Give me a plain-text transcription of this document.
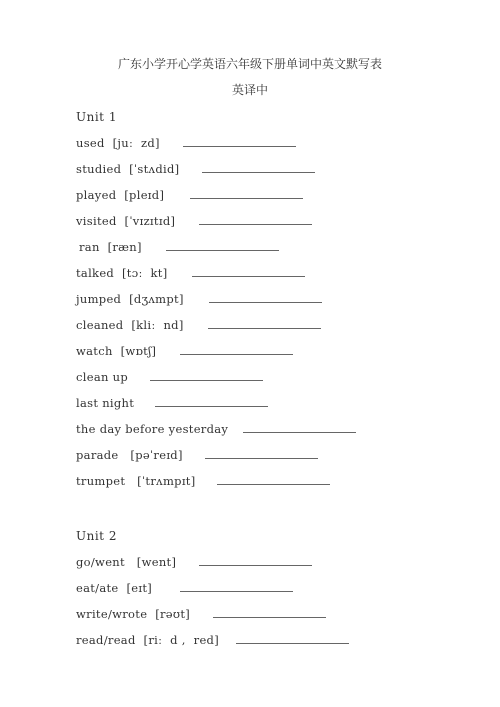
广东小学开心学英语六年级下册单词中英文默写表
英译中
Unit 1
used  [juː  zd]
studied  [ˈstʌdid]
played  [pleɪd]
visited  [ˈvɪzɪtɪd]
ran  [ræn]
talked  [tɔː  kt]
jumped  [dʒʌmpt]
cleaned  [kliː  nd]
watch  [wɒtʃ]
clean up
last night
the day before yesterday
parade   [pəˈreɪd]
trumpet   [ˈtrʌmpɪt]
Unit 2
go/went   [went]
eat/ate  [eɪt]
write/wrote  [rəʊt]
read/read  [riː  d ,  red]
